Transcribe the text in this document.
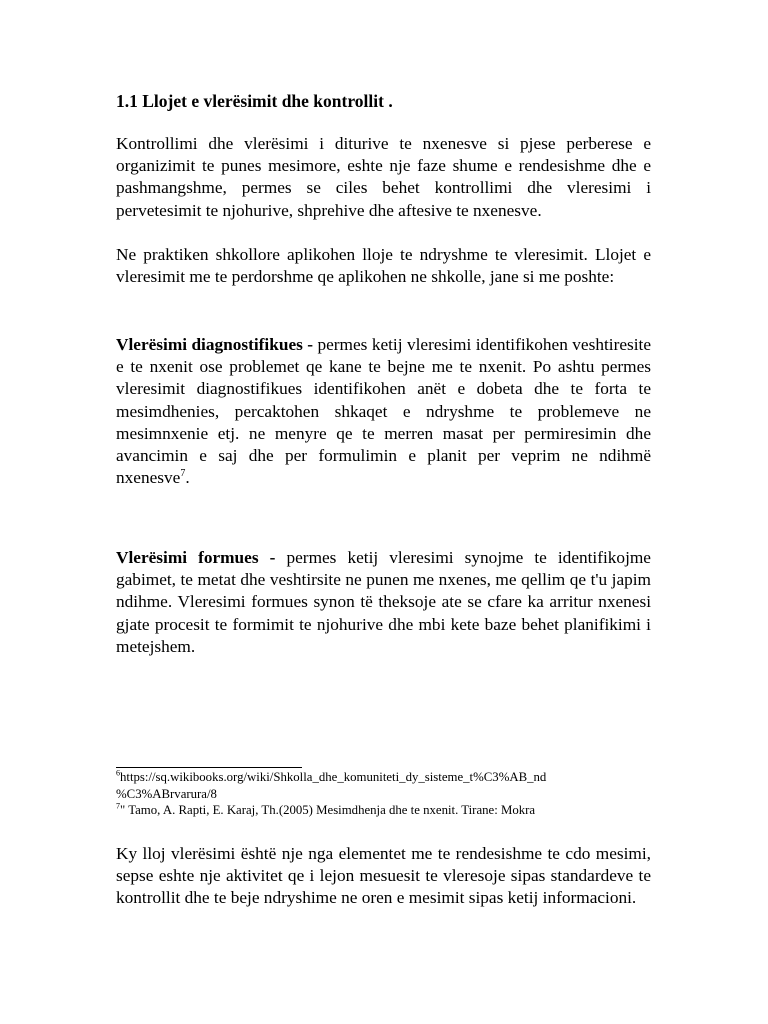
1.1 Llojet e vlerësimit dhe kontrollit .

Kontrollimi dhe vlerësimi i diturive te nxenesve si pjese perberese e organizimit te punes mesimore, eshte nje faze shume e rendesishme dhe e pashmangshme, permes se ciles behet kontrollimi dhe vleresimi i pervetesimit te njohurive, shprehive dhe aftesive te nxenesve.

Ne praktiken shkollore aplikohen lloje te ndryshme te vleresimit. Llojet e vleresimit me te perdorshme qe aplikohen ne shkolle, jane si me poshte:

Vlerësimi diagnostifikues - permes ketij vleresimi identifikohen veshtiresite e te nxenit ose problemet qe kane te bejne me te nxenit. Po ashtu permes vleresimit diagnostifikues identifikohen anët e dobeta dhe te forta te mesimdhenies, percaktohen shkaqet e ndryshme te problemeve ne mesimnxenie etj. ne menyre qe te merren masat per permiresimin dhe avancimin e saj dhe per formulimin e planit per veprim ne ndihmë nxenesve$^7$.

Vlerësimi formues - permes ketij vleresimi synojme te identifikojme gabimet, te metat dhe veshtirsite ne punen me nxenes, me qellim qe t'u japim ndihme. Vleresimi formues synon të theksoje ate se cfare ka arritur nxenesi gjate procesit te formimit te njohurive dhe mbi kete baze behet planifikimi i metejshem.

$^6$https://sq.wikibooks.org/wiki/Shkolla_dhe_komuniteti_dy_sisteme_t%C3%AB_nd

%C3%ABrvarura/8

$^7$" Tamo, A. Rapti, E. Karaj, Th.(2005) Mesimdhenja dhe te nxenit. Tirane: Mokra

Ky lloj vlerësimi është nje nga elementet me te rendesishme te cdo mesimi, sepse eshte nje aktivitet qe i lejon mesuesit te vleresoje sipas standardeve te kontrollit dhe te beje ndryshime ne oren e mesimit sipas ketij informacioni.
